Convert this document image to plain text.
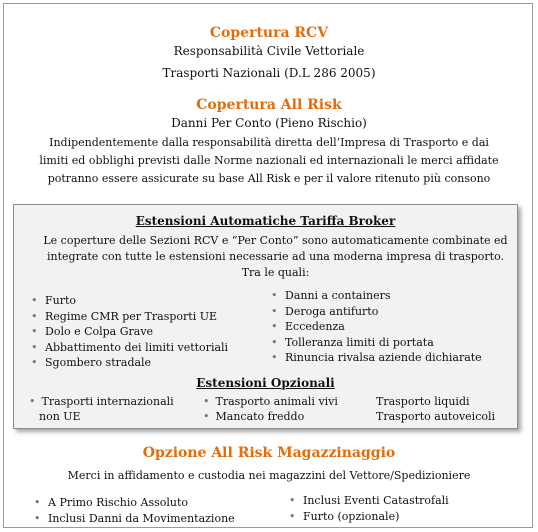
Copertura RCV
Responsabilità Civile Vettoriale
Trasporti Nazionali (D.L 286 2005)
Copertura All Risk
Danni Per Conto (Pieno Rischio)
Indipendentemente dalla responsabilità diretta dell’Impresa di Trasporto e dai
limiti ed obblighi previsti dalle Norme nazionali ed internazionali le merci affidate
potranno essere assicurate su base All Risk e per il valore ritenuto più consono
Estensioni Automatiche Tariffa Broker
Le coperture delle Sezioni RCV e “Per Conto” sono automaticamente combinate ed
integrate con tutte le estensioni necessarie ad una moderna impresa di trasporto.
Tra le quali:
• Furto
• Regime CMR per Trasporti UE
• Dolo e Colpa Grave
• Abbattimento dei limiti vettoriali
• Sgombero stradale
• Danni a containers
• Deroga antifurto
• Eccedenza
• Tolleranza limiti di portata
• Rinuncia rivalsa aziende dichiarate
Estensioni Opzionali
• Trasporti internazionali
non UE
• Trasporto animali vivi
• Mancato freddo
Trasporto liquidi
Trasporto autoveicoli
Opzione All Risk Magazzinaggio
Merci in affidamento e custodia nei magazzini del Vettore/Spedizioniere
• A Primo Rischio Assoluto
• Inclusi Danni da Movimentazione
• Inclusi Eventi Catastrofali
• Furto (opzionale)
